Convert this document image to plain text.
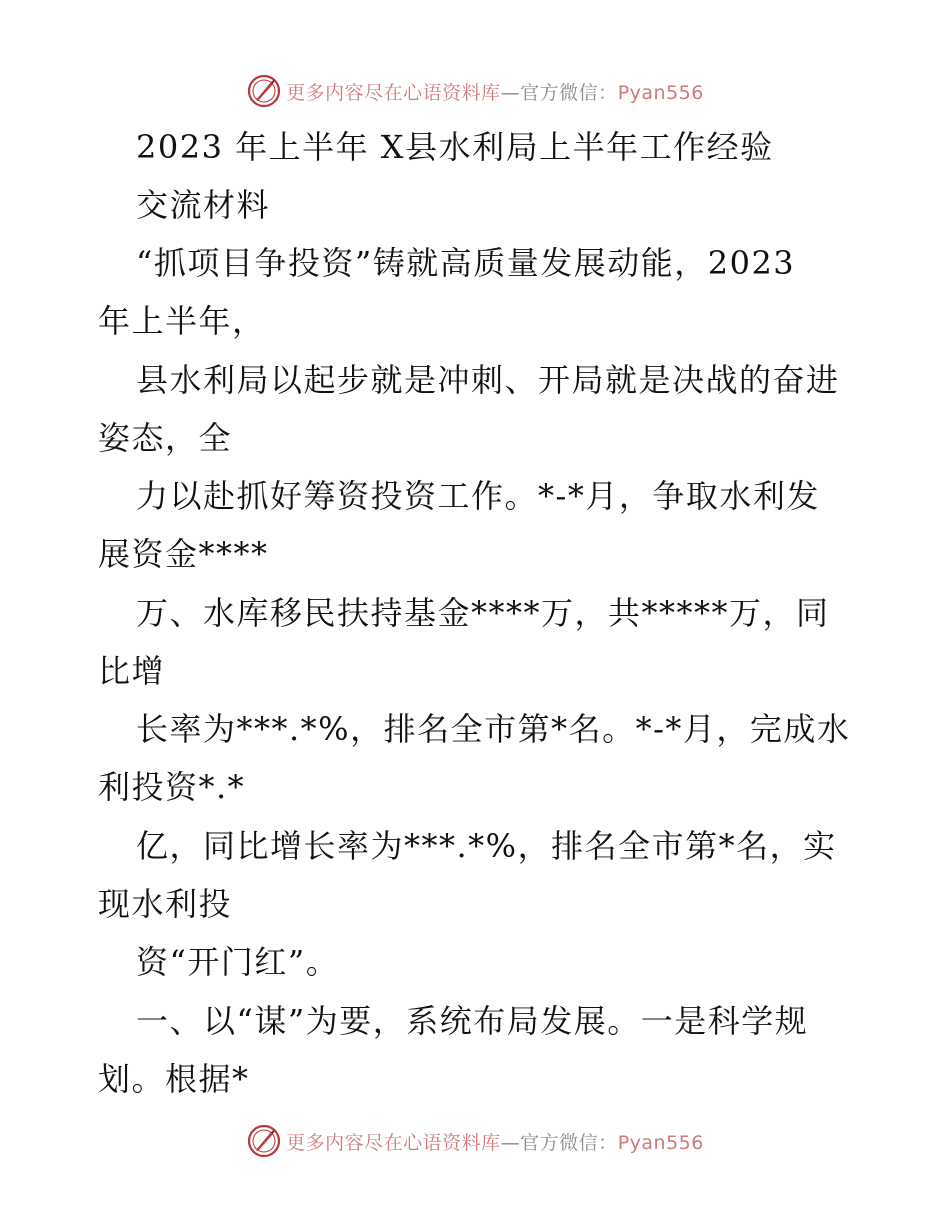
更多内容尽在心语资料库—官方微信：Pyan556
2023 年上半年 X县水利局上半年工作经验
交流材料
“抓项目争投资”铸就高质量发展动能，2023
年上半年，
县水利局以起步就是冲刺、开局就是决战的奋进
姿态，全
力以赴抓好筹资投资工作。*-*月，争取水利发
展资金****
万、水库移民扶持基金****万，共*****万，同
比增
长率为***.*%，排名全市第*名。*-*月，完成水
利投资*.*
亿，同比增长率为***.*%，排名全市第*名，实
现水利投
资“开门红”。
一、以“谋”为要，系统布局发展。一是科学规
划。根据*
更多内容尽在心语资料库—官方微信：Pyan556
